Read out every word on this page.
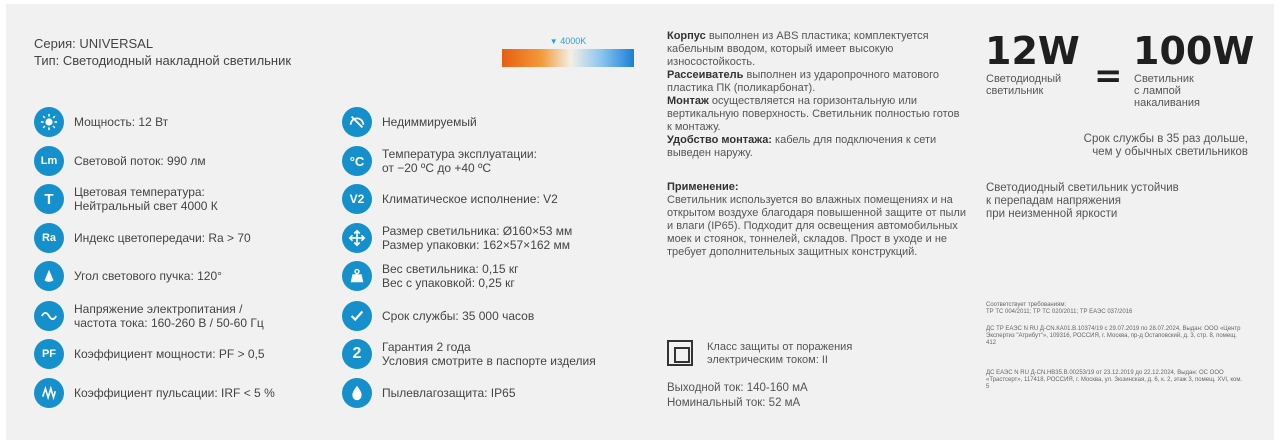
Серия: UNIVERSAL
Тип: Светодиодный накладной светильник
▼ 4000K
Мощность: 12 Вт
Lm	Световой поток: 990 лм
T	Цветовая температура:
Нейтральный свет 4000 К
Ra	Индекс цветопередачи: Ra > 70
Угол светового пучка: 120°
Напряжение электропитания /
частота тока: 160-260 В / 50-60 Гц
PF	Коэффициент мощности: PF > 0,5
Коэффициент пульсации: IRF < 5 %
Недиммируемый
°C	Температура эксплуатации:
от −20 ºС до +40 ºС
V2	Климатическое исполнение: V2
Размер светильника: Ø160×53 мм
Размер упаковки: 162×57×162 мм
Вес светильника: 0,15 кг
Вес с упаковкой: 0,25 кг
Срок службы: 35 000 часов
2	Гарантия 2 года
Условия смотрите в паспорте изделия
Пылевлагозащита: IP65
Корпус выполнен из ABS пластика; комплектуется кабельным вводом, который имеет высокую износостойкость.
Рассеиватель выполнен из ударопрочного матового пластика ПК (поликарбонат).
Монтаж осуществляется на горизонтальную или вертикальную поверхность. Светильник полностью готов к монтажу.
Удобство монтажа: кабель для подключения к сети выведен наружу.
Применение:
Светильник используется во влажных помещениях и на открытом воздухе благодаря повышенной защите от пыли и влаги (IP65). Подходит для освещения автомобильных моек и стоянок, тоннелей, складов. Прост в уходе и не требует дополнительных защитных конструкций.
Класс защиты от поражения
электрическим током: II
Выходной ток: 140-160 мА
Номинальный ток: 52 мА
12W
=
100W
Светодиодный
светильник
Светильник
с лампой
накаливания
Срок службы в 35 раз дольше,
чем у обычных светильников
Светодиодный светильник устойчив
к перепадам напряжения
при неизменной яркости
Соответствует требованиям:
ТР ТС 004/2011; ТР ТС 020/2011; ТР ЕАЭС 037/2016
ДС ТР ЕАЭС N RU Д-CN.КА01.В.10374/19 с 29.07.2019 по 28.07.2024, Выдан: ООО «Центр Экспертиз "Атрибут"», 109316, РОССИЯ, г. Москва, пр-д Остаповский, д. 3, стр. 8, помещ. 412
ДС ЕАЭС N RU Д-CN.НВ35.В.00253/19 от 23.12.2019 до 22.12.2024, Выдан: ОС ООО «Трастсерт», 117418, РОССИЯ, г. Москва, ул. Зюзинская, д. 6, к. 2, этаж 3, помещ. XVI, ком. 5
